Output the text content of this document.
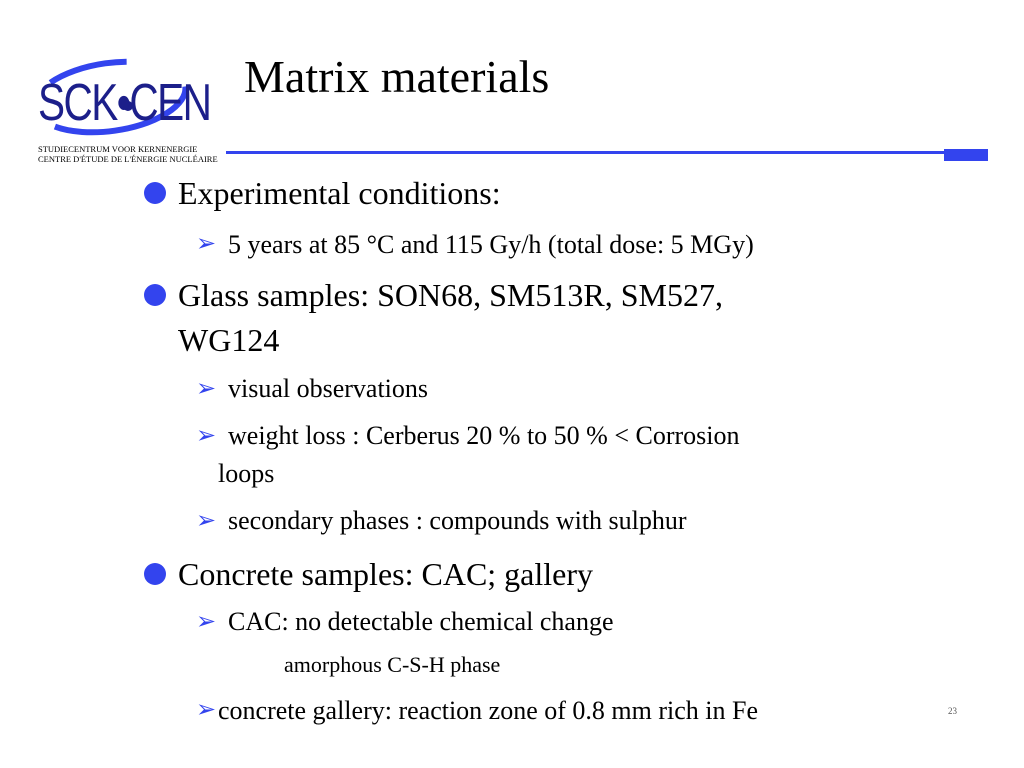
SCK•CEN
STUDIECENTRUM VOOR KERNENERGIE
CENTRE D'ÉTUDE DE L'ÉNERGIE NUCLÉAIRE
Matrix materials
Experimental conditions:
➢ 5 years at 85 °C and 115 Gy/h (total dose: 5 MGy)
Glass samples: SON68, SM513R, SM527,
WG124
➢ visual observations
➢ weight loss : Cerberus 20 % to 50 % < Corrosion
loops
➢ secondary phases : compounds with sulphur
Concrete samples: CAC; gallery
➢ CAC: no detectable chemical change
amorphous C-S-H phase
➢ concrete gallery: reaction zone of 0.8 mm rich in Fe	23
